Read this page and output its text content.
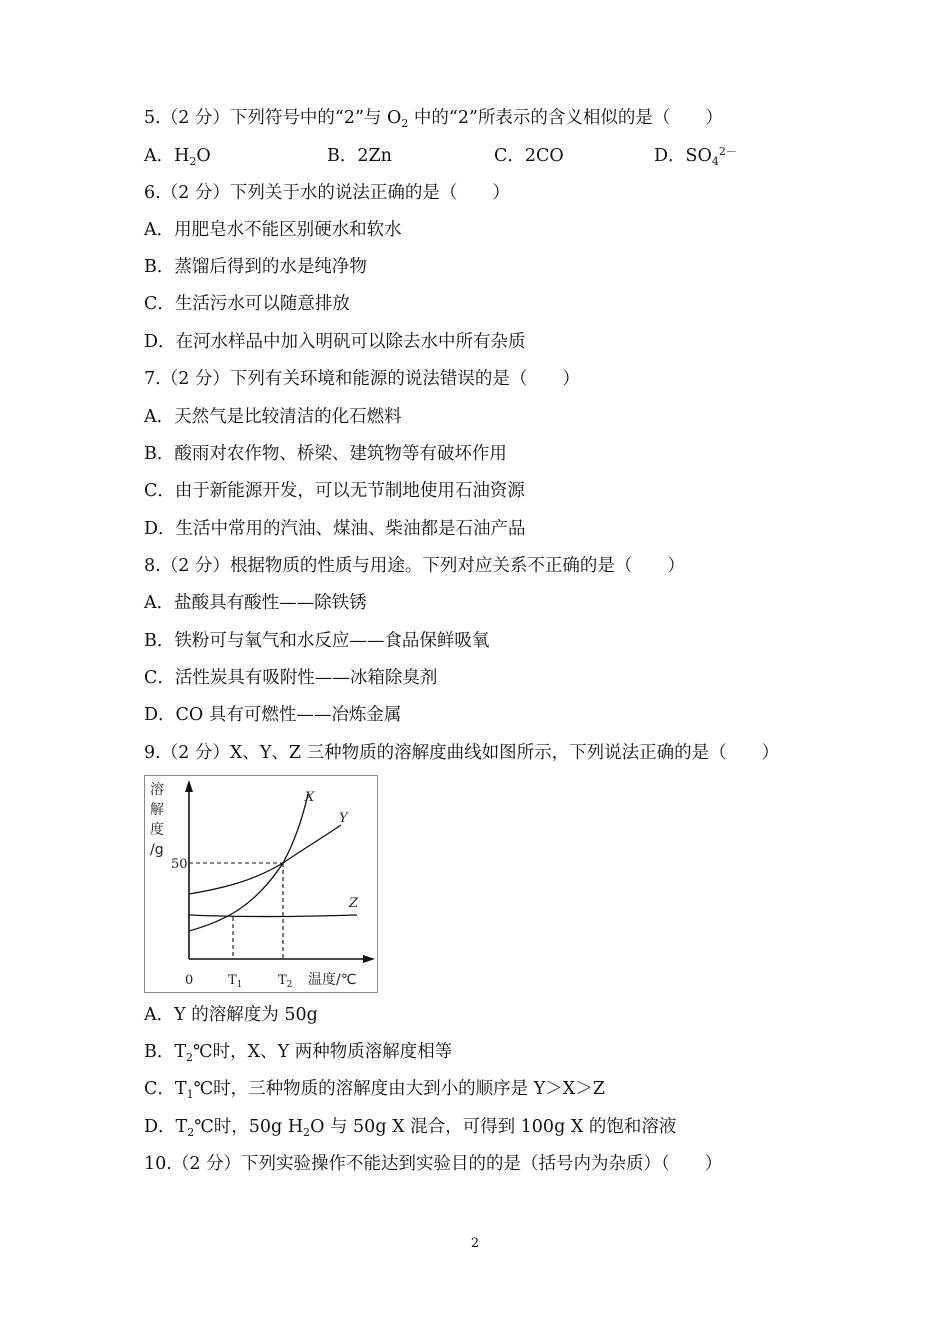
5.（2 分）下列符号中的“2”与 $O_2$ 中的“2”所表示的含义相似的是（　　）
A．$H_2O$	B．2Zn	C．2CO	D．$SO_4^{2-}$
6.（2 分）下列关于水的说法正确的是（　　）
A．用肥皂水不能区别硬水和软水
B．蒸馏后得到的水是纯净物
C．生活污水可以随意排放
D．在河水样品中加入明矾可以除去水中所有杂质
7.（2 分）下列有关环境和能源的说法错误的是（　　）
A．天然气是比较清洁的化石燃料
B．酸雨对农作物、桥梁、建筑物等有破坏作用
C．由于新能源开发，可以无节制地使用石油资源
D．生活中常用的汽油、煤油、柴油都是石油产品
8.（2 分）根据物质的性质与用途。下列对应关系不正确的是（　　）
A．盐酸具有酸性——除铁锈
B．铁粉可与氧气和水反应——食品保鲜吸氧
C．活性炭具有吸附性——冰箱除臭剂
D．CO 具有可燃性——冶炼金属
9.（2 分）X、Y、Z 三种物质的溶解度曲线如图所示，下列说法正确的是（　　）
溶
解
度
/g
50
0	$T_1$	$T_2$ 温度/℃
X
Y
Z
A．Y 的溶解度为 50g
B．$T_2℃$时，X、Y 两种物质溶解度相等
C．$T_1℃$时，三种物质的溶解度由大到小的顺序是 Y＞X＞Z
D．$T_2℃$时，50g $H_2O$ 与 50g X 混合，可得到 100g X 的饱和溶液
10.（2 分）下列实验操作不能达到实验目的的是（括号内为杂质）（　　）
2
